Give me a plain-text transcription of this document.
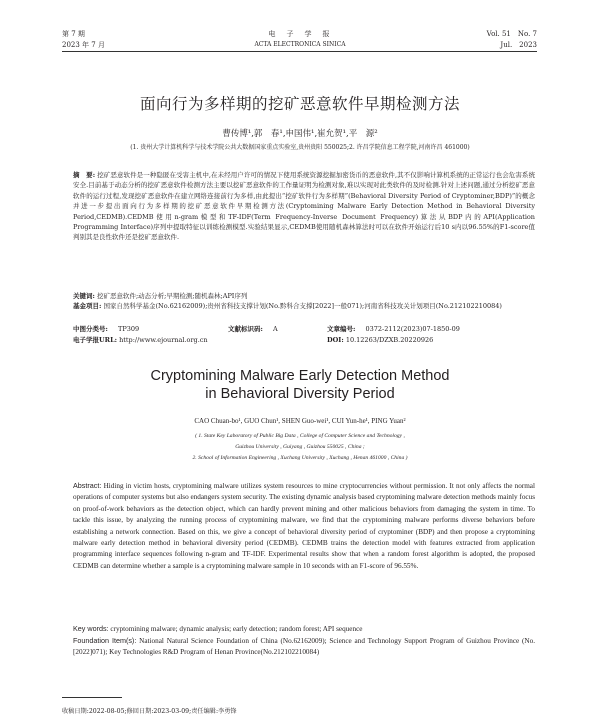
第 7 期
2023 年 7 月
电　子　学　报
ACTA ELECTRONICA SINICA
Vol. 51　No. 7
Jul.　2023
面向行为多样期的挖矿恶意软件早期检测方法
曹传博¹,郭　春¹,申国伟¹,崔允贺¹,平　源²
(1. 贵州大学计算机科学与技术学院公共大数据国家重点实验室,贵州贵阳 550025;2. 许昌学院信息工程学院,河南许昌 461000)
摘　要: 挖矿恶意软件是一种隐匿在受害主机中,在未经用户许可的情况下使用系统资源挖掘加密货币的恶意软件,其不仅影响计算机系统的正常运行也会危害系统安全.目前基于动态分析的挖矿恶意软件检测方法主要以挖矿恶意软件的工作量证明为检测对象,难以实现对此类软件的及时检测.针对上述问题,通过分析挖矿恶意软件的运行过程,发现挖矿恶意软件在建立网络连接前行为多样,由此提出“挖矿软件行为多样期”(Behavioral Diversity Period of Cryptominer,BDP)”的概念并进一步提出面向行为多样期的挖矿恶意软件早期检测方法(Cryptomining Malware Early Detection Method in Behavioral Diversity Period,CEDMB).CEDMB使用n-gram模型和TF-IDF(Term Frequency-Inverse Document Frequency)算法从BDP内的API(Application Programming Interface)序列中提取特征以训练检测模型.实验结果显示,CEDMB使用随机森林算法时可以在软件开始运行后10 s内以96.55%的F1-score值判别其是良性软件还是挖矿恶意软件.
关键词: 挖矿恶意软件;动态分析;早期检测;随机森林;API序列
基金项目: 国家自然科学基金(No.62162009);贵州省科技支撑计划(No.黔科合支撑[2022]一般071);河南省科技攻关计划项目(No.212102210084)
中图分类号: TP309	文献标识码: A	文章编号: 0372-2112(2023)07-1850-09
电子学报URL: http://www.ejournal.org.cn	DOI: 10.12263/DZXB.20220926
Cryptomining Malware Early Detection Method in Behavioral Diversity Period
CAO Chuan-bo¹, GUO Chun¹, SHEN Guo-wei¹, CUI Yun-he¹, PING Yuan²
( 1. State Key Laboratory of Public Big Data , College of Computer Science and Technology ,
Guizhou University , Guiyang , Guizhou 550025 , China ;
2. School of Information Engineering , Xuchang University , Xuchang , Henan 461000 , China )
Abstract: Hiding in victim hosts, cryptomining malware utilizes system resources to mine cryptocurrencies without permission. It not only affects the normal operations of computer systems but also endangers system security. The existing dynamic analysis based cryptomining malware detection methods mainly focus on proof-of-work behaviors as the detection object, which can hardly prevent mining and other malicious behaviors from damaging the system in time. To tackle this issue, by analyzing the running process of cryptomining malware, we find that the cryptomining malware performs diverse behaviors before establishing a network connection. Based on this, we give a concept of behavioral diversity period of cryptominer (BDP) and then propose a cryptomining malware early detection method in behavioral diversity period (CEDMB). CEDMB trains the detection model with features extracted from application programming interface sequences following n-gram and TF-IDF. Experimental results show that when a random forest algorithm is adopted, the proposed CEDMB can determine whether a sample is a cryptomining malware sample in 10 seconds with an F1-score of 96.55%.
Key words: cryptomining malware; dynamic analysis; early detection; random forest; API sequence
Foundation Item(s): National Natural Science Foundation of China (No.62162009); Science and Technology Support Program of Guizhou Province (No.[2022]071); Key Technologies R&D Program of Henan Province(No.212102210084)
收稿日期:2022-08-05;修回日期:2023-03-09;责任编辑:李勇锋
